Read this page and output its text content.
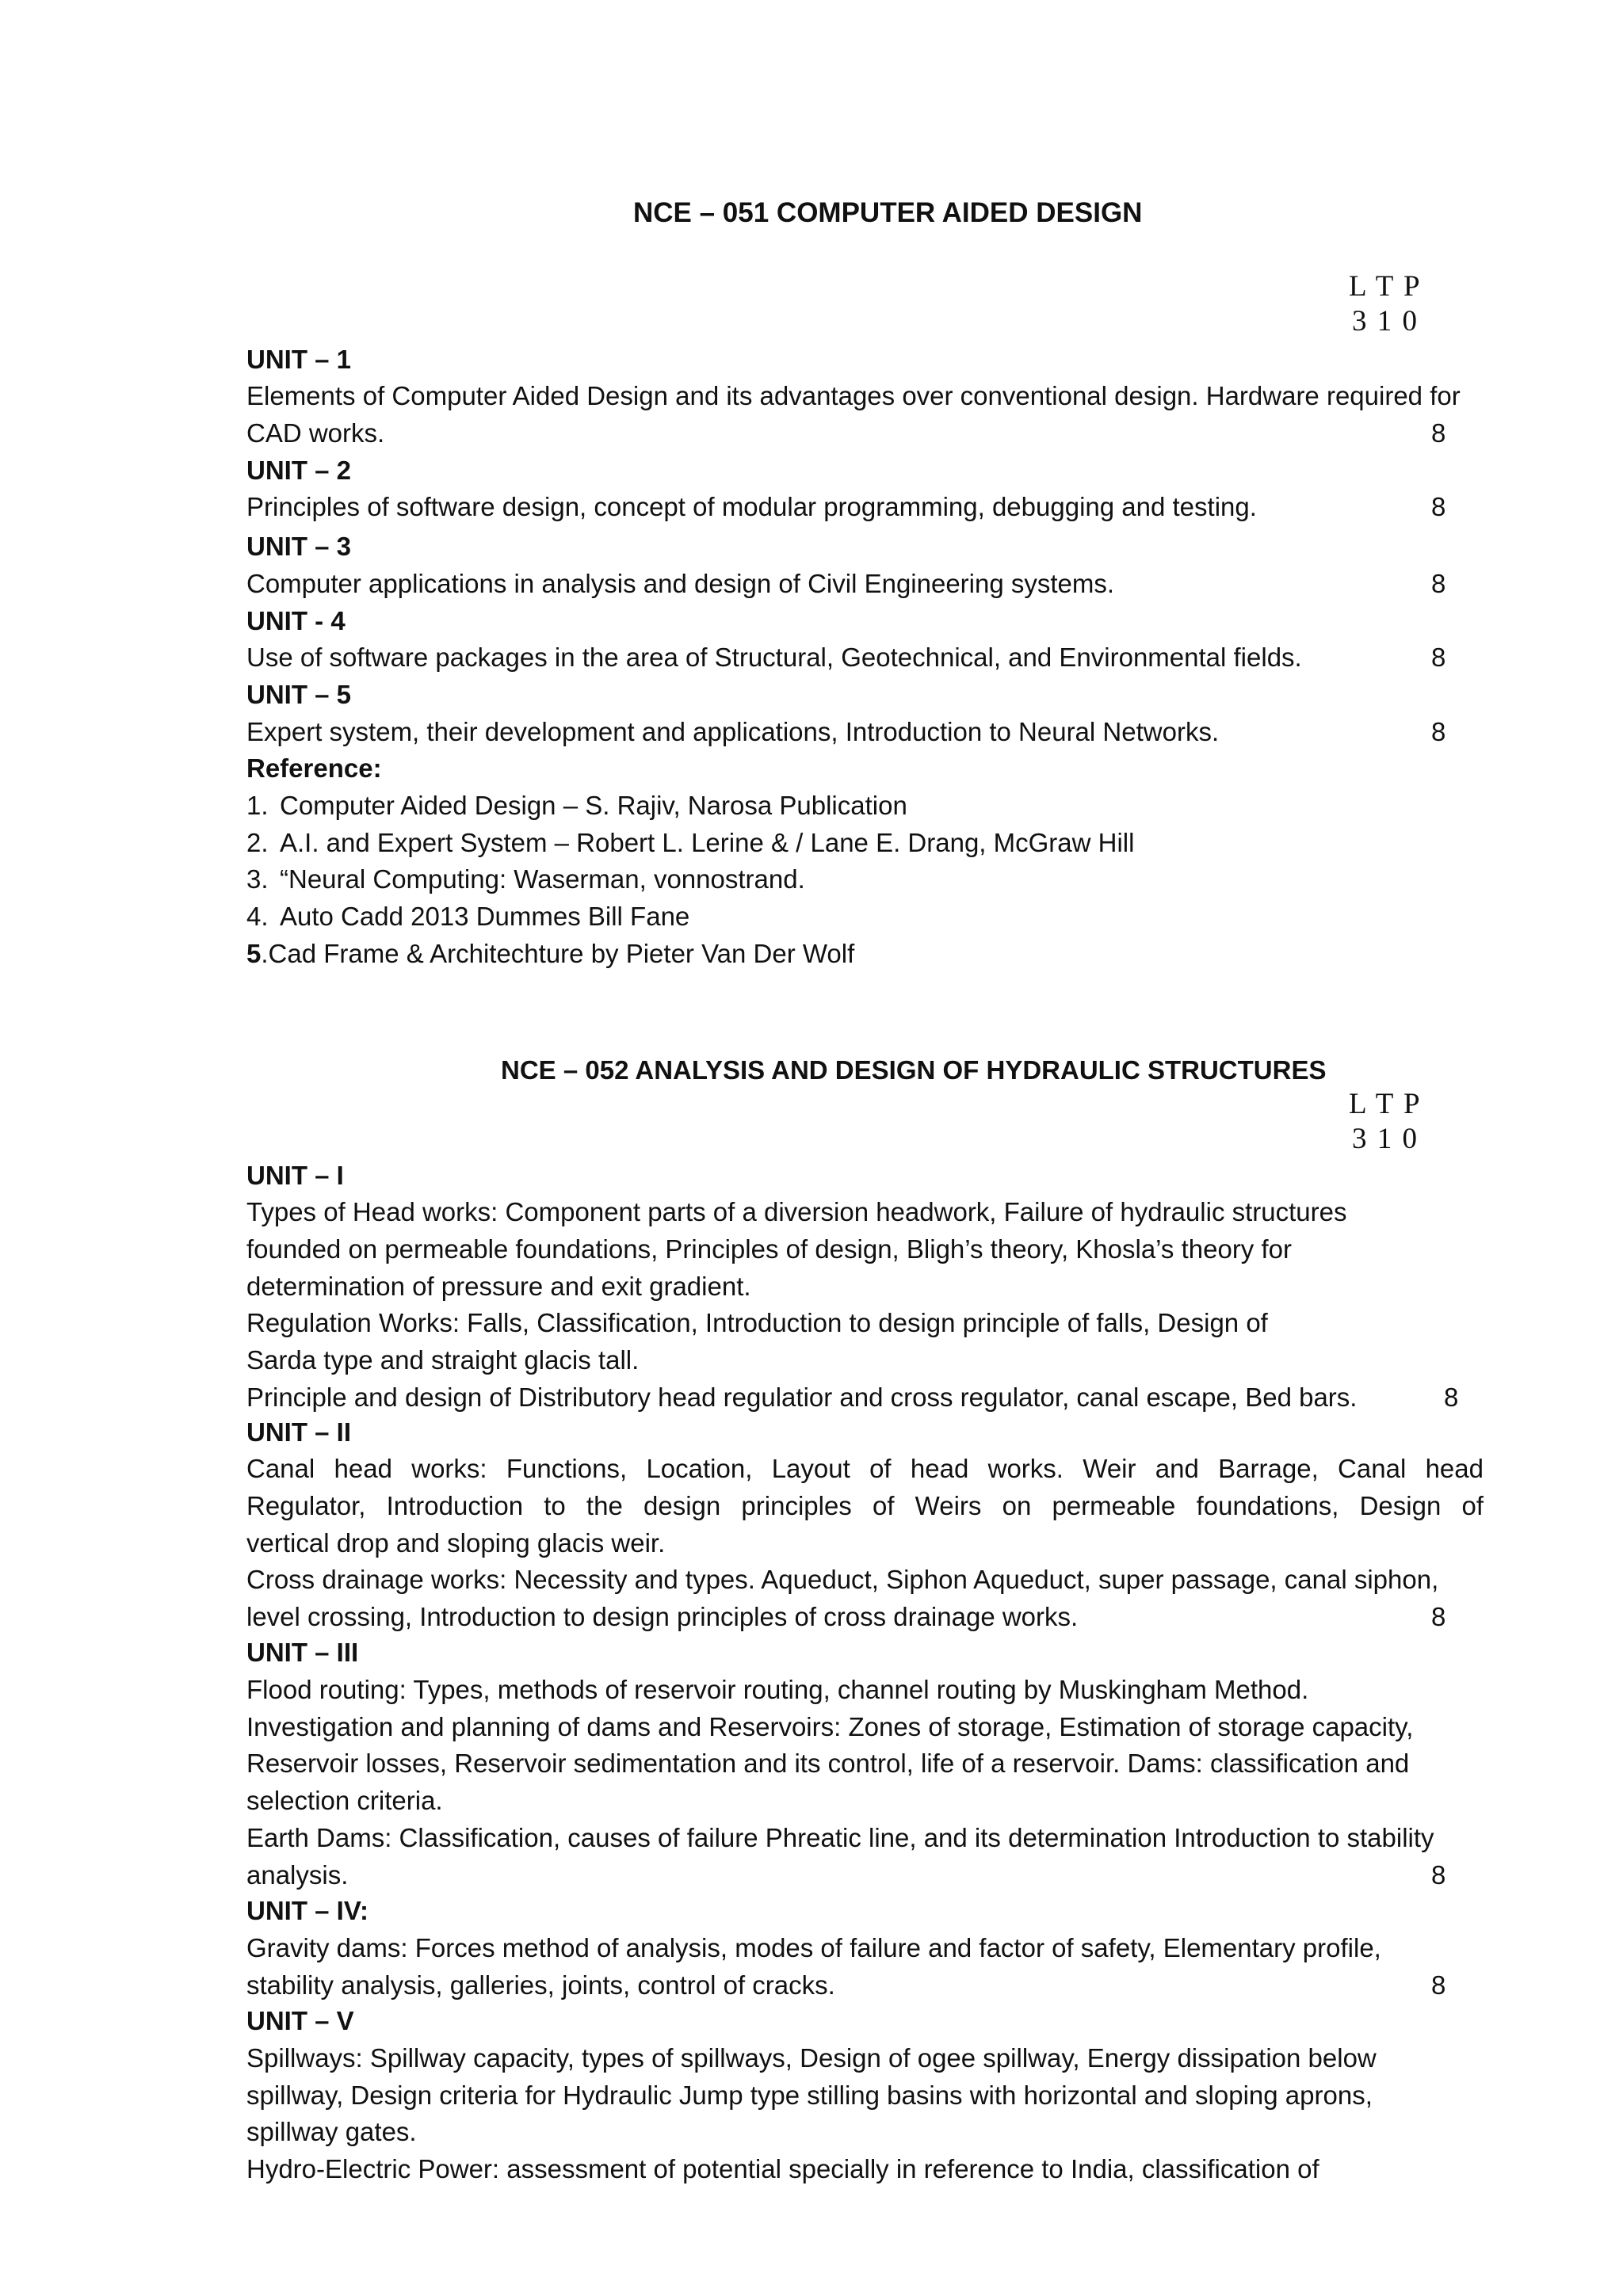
NCE – 051 COMPUTER AIDED DESIGN
L T P
3 1 0
UNIT – 1
Elements of Computer Aided Design and its advantages over conventional design. Hardware required for
CAD works.	8
UNIT – 2
Principles of software design, concept of modular programming, debugging and testing.	8
UNIT – 3
Computer applications in analysis and design of Civil Engineering systems.	8
UNIT - 4
Use of software packages in the area of Structural, Geotechnical, and Environmental fields.	8
UNIT – 5
Expert system, their development and applications, Introduction to Neural Networks.	8
Reference:
1. Computer Aided Design – S. Rajiv, Narosa Publication
2. A.I. and Expert System – Robert L. Lerine & / Lane E. Drang, McGraw Hill
3. “Neural Computing: Waserman, vonnostrand.
4. Auto Cadd 2013 Dummes Bill Fane
5.Cad Frame & Architechture by Pieter Van Der Wolf
NCE – 052 ANALYSIS AND DESIGN OF HYDRAULIC STRUCTURES
L T P
3 1 0
UNIT – I
Types of Head works: Component parts of a diversion headwork, Failure of hydraulic structures
founded on permeable foundations, Principles of design, Bligh’s theory, Khosla’s theory for
determination of pressure and exit gradient.
Regulation Works: Falls, Classification, Introduction to design principle of falls, Design of
Sarda type and straight glacis tall.
Principle and design of Distributory head regulatior and cross regulator, canal escape, Bed bars.	8
UNIT – II
Canal head works: Functions, Location, Layout of head works. Weir and Barrage, Canal head
Regulator, Introduction to the design principles of Weirs on permeable foundations, Design of
vertical drop and sloping glacis weir.
Cross drainage works: Necessity and types. Aqueduct, Siphon Aqueduct, super passage, canal siphon,
level crossing, Introduction to design principles of cross drainage works.	8
UNIT – III
Flood routing: Types, methods of reservoir routing, channel routing by Muskingham Method.
Investigation and planning of dams and Reservoirs: Zones of storage, Estimation of storage capacity,
Reservoir losses, Reservoir sedimentation and its control, life of a reservoir. Dams: classification and
selection criteria.
Earth Dams: Classification, causes of failure Phreatic line, and its determination Introduction to stability
analysis.	8
UNIT – IV:
Gravity dams: Forces method of analysis, modes of failure and factor of safety, Elementary profile,
stability analysis, galleries, joints, control of cracks.	8
UNIT – V
Spillways: Spillway capacity, types of spillways, Design of ogee spillway, Energy dissipation below
spillway, Design criteria for Hydraulic Jump type stilling basins with horizontal and sloping aprons,
spillway gates.
Hydro-Electric Power: assessment of potential specially in reference to India, classification of
